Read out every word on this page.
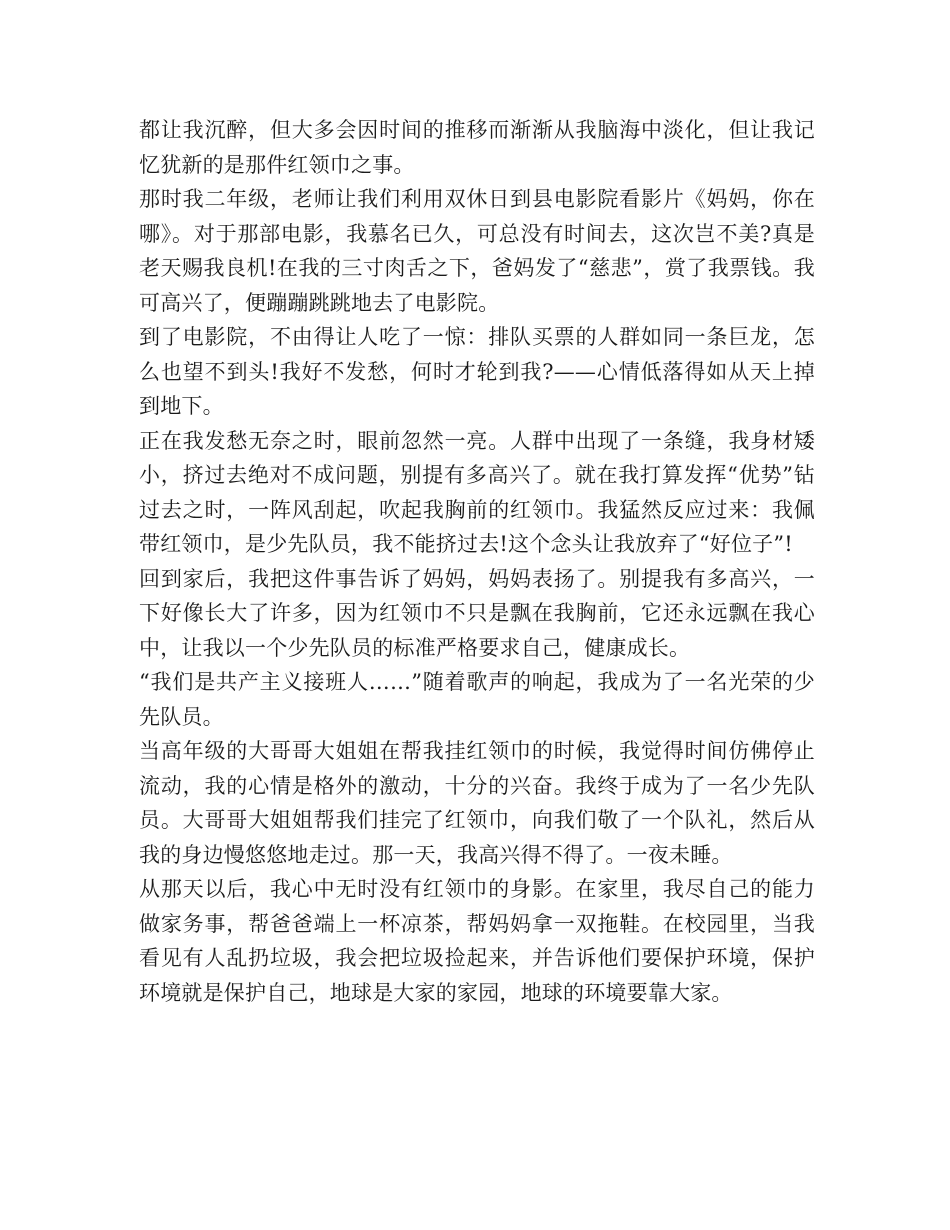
都让我沉醉，但大多会因时间的推移而渐渐从我脑海中淡化，但让我记忆犹新的是那件红领巾之事。

那时我二年级，老师让我们利用双休日到县电影院看影片《妈妈，你在哪》。对于那部电影，我慕名已久，可总没有时间去，这次岂不美?真是老天赐我良机!在我的三寸肉舌之下，爸妈发了“慈悲”，赏了我票钱。我可高兴了，便蹦蹦跳跳地去了电影院。

到了电影院，不由得让人吃了一惊：排队买票的人群如同一条巨龙，怎么也望不到头!我好不发愁，何时才轮到我?——心情低落得如从天上掉到地下。

正在我发愁无奈之时，眼前忽然一亮。人群中出现了一条缝，我身材矮小，挤过去绝对不成问题，别提有多高兴了。就在我打算发挥“优势”钻过去之时，一阵风刮起，吹起我胸前的红领巾。我猛然反应过来：我佩带红领巾，是少先队员，我不能挤过去!这个念头让我放弃了“好位子”!

回到家后，我把这件事告诉了妈妈，妈妈表扬了。别提我有多高兴，一下好像长大了许多，因为红领巾不只是飘在我胸前，它还永远飘在我心中，让我以一个少先队员的标准严格要求自己，健康成长。

“我们是共产主义接班人……”随着歌声的响起，我成为了一名光荣的少先队员。

当高年级的大哥哥大姐姐在帮我挂红领巾的时候，我觉得时间仿佛停止流动，我的心情是格外的激动，十分的兴奋。我终于成为了一名少先队员。大哥哥大姐姐帮我们挂完了红领巾，向我们敬了一个队礼，然后从我的身边慢悠悠地走过。那一天，我高兴得不得了。一夜未睡。

从那天以后，我心中无时没有红领巾的身影。在家里，我尽自己的能力做家务事，帮爸爸端上一杯凉茶，帮妈妈拿一双拖鞋。在校园里，当我看见有人乱扔垃圾，我会把垃圾捡起来，并告诉他们要保护环境，保护环境就是保护自己，地球是大家的家园，地球的环境要靠大家。
